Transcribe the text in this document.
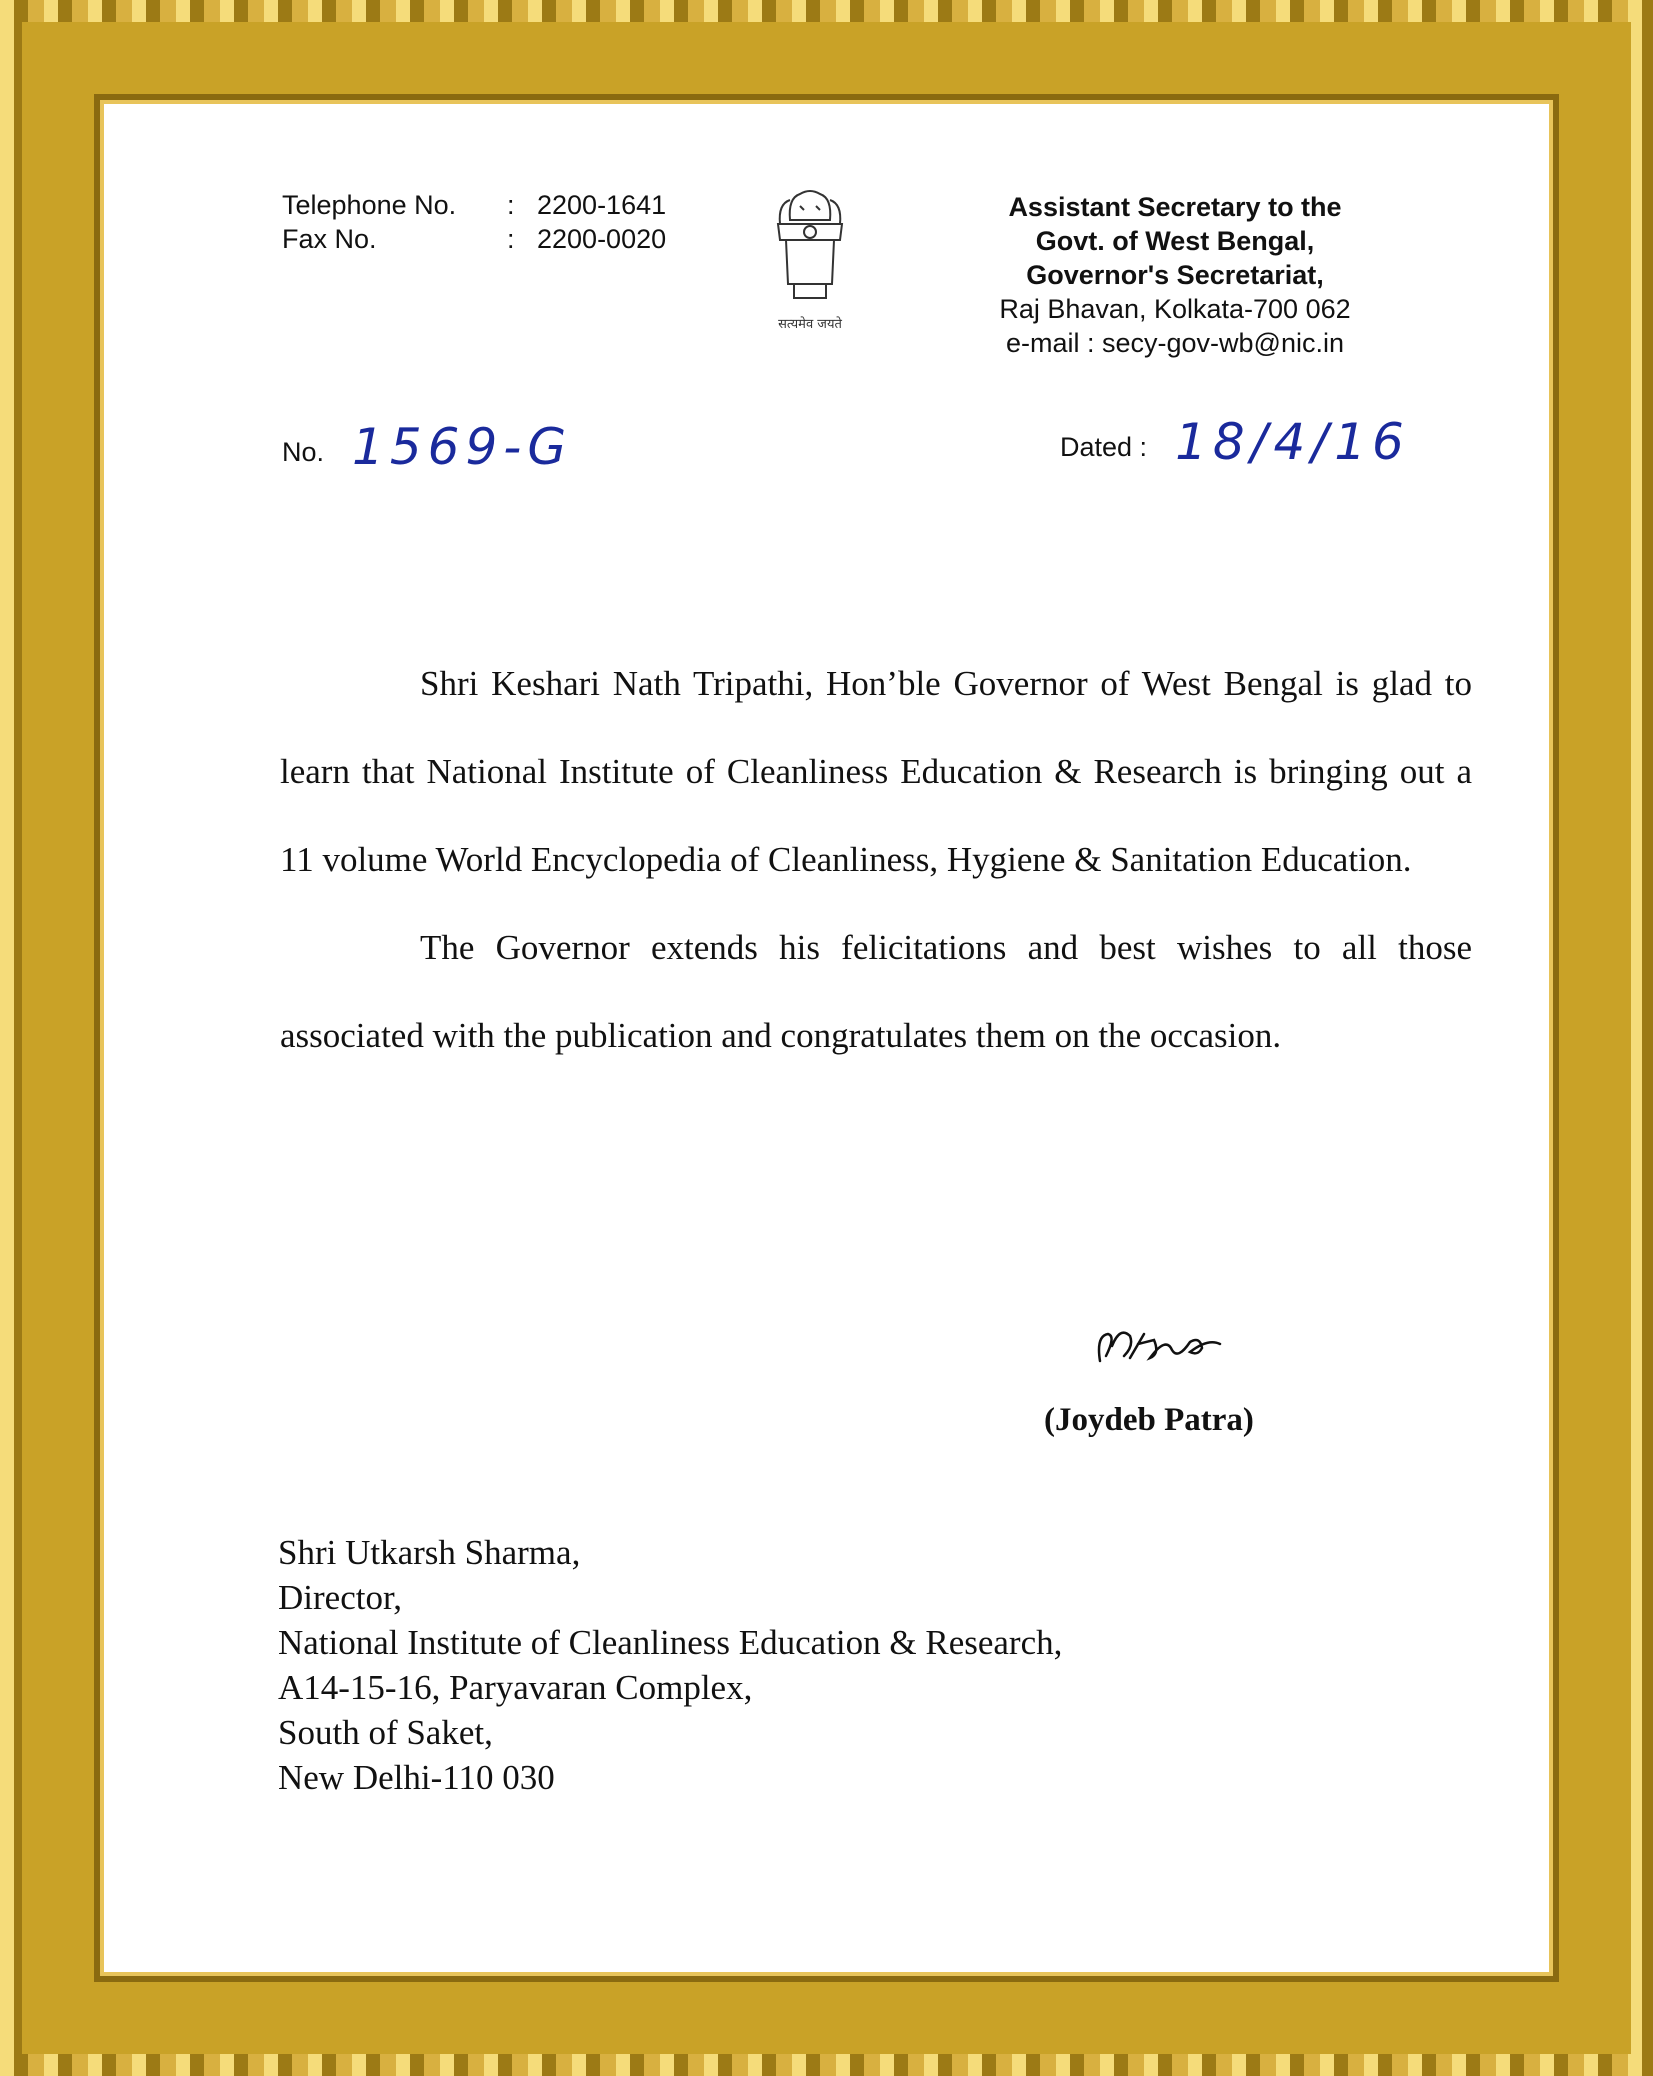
Telephone No.	: 2200-1641
Fax No.	: 2200-0020
सत्यमेव जयते
Assistant Secretary to the
Govt. of West Bengal,
Governor's Secretariat,
Raj Bhavan, Kolkata-700 062
e-mail : secy-gov-wb@nic.in
No. 1569-G	Dated : 18/4/16

Shri Keshari Nath Tripathi, Hon’ble Governor of West Bengal is glad to learn that National Institute of Cleanliness Education & Research is bringing out a 11 volume World Encyclopedia of Cleanliness, Hygiene & Sanitation Education.

The Governor extends his felicitations and best wishes to all those associated with the publication and congratulates them on the occasion.

(Joydeb Patra)
Shri Utkarsh Sharma,
Director,
National Institute of Cleanliness Education & Research,
A14-15-16, Paryavaran Complex,
South of Saket,
New Delhi-110 030
